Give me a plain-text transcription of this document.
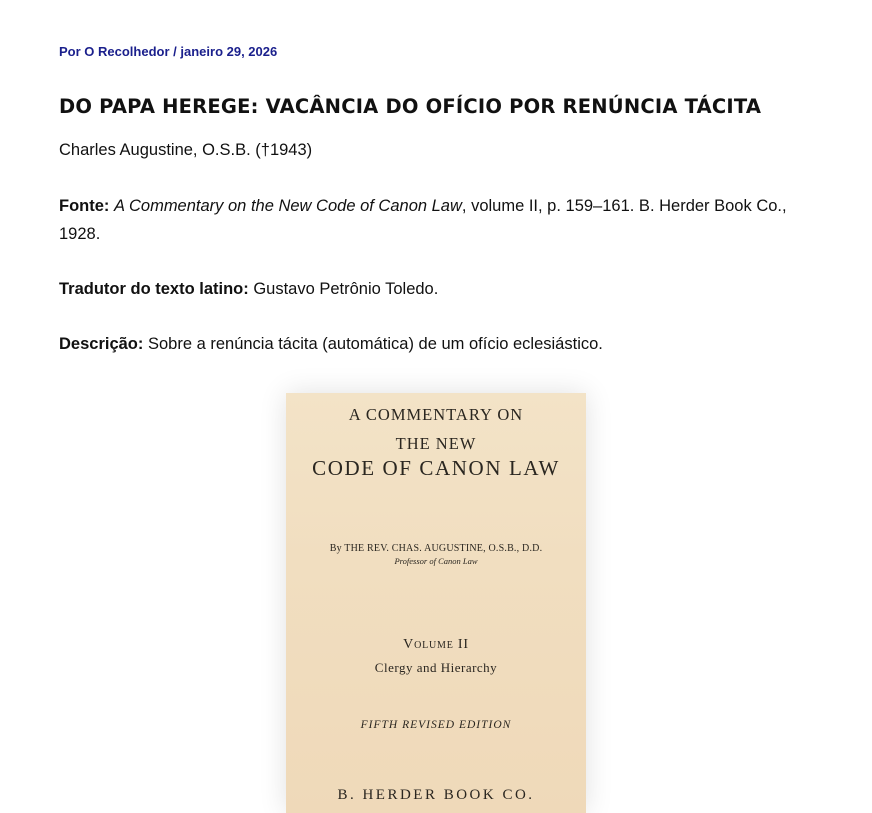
Por O Recolhedor / janeiro 29, 2026
DO PAPA HEREGE: VACÂNCIA DO OFÍCIO POR RENÚNCIA TÁCITA

Charles Augustine, O.S.B. (†1943)

Fonte: A Commentary on the New Code of Canon Law, volume II, p. 159–161. B. Herder Book Co., 1928.

Tradutor do texto latino: Gustavo Petrônio Toledo.

Descrição: Sobre a renúncia tácita (automática) de um ofício eclesiástico.

A COMMENTARY ON
THE NEW
CODE OF CANON LAW
By THE REV. CHAS. AUGUSTINE, O.S.B., D.D.
Professor of Canon Law
Volume II
Clergy and Hierarchy
FIFTH REVISED EDITION
B. HERDER BOOK CO.
